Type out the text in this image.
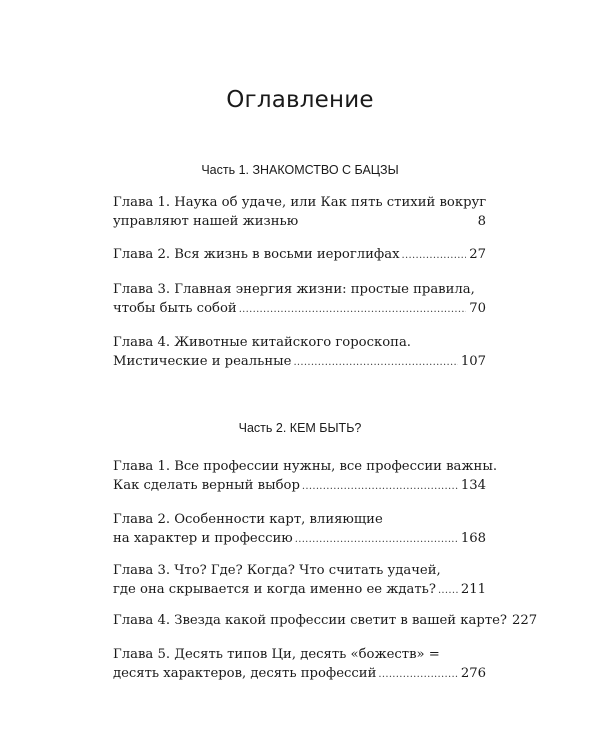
Оглавление
Часть 1. ЗНАКОМСТВО С БАЦЗЫ
Глава 1. Наука об удаче, или Как пять стихий вокруг
управляют нашей жизнью	8
Глава 2. Вся жизнь в восьми иероглифах .....	27
Глава 3. Главная энергия жизни: простые правила,
чтобы быть собой .....	70
Глава 4. Животные китайского гороскопа.
Мистические и реальные .....	107
Часть 2. КЕМ БЫТЬ?
Глава 1. Все профессии нужны, все профессии важны.
Как сделать верный выбор .....	134
Глава 2. Особенности карт, влияющие
на характер и профессию .....	168
Глава 3. Что? Где? Когда? Что считать удачей,
где она скрывается и когда именно ее ждать? ..... 211
Глава 4. Звезда какой профессии светит в вашей карте? 227
Глава 5. Десять типов Ци, десять «божеств» =
десять характеров, десять профессий .....	276
